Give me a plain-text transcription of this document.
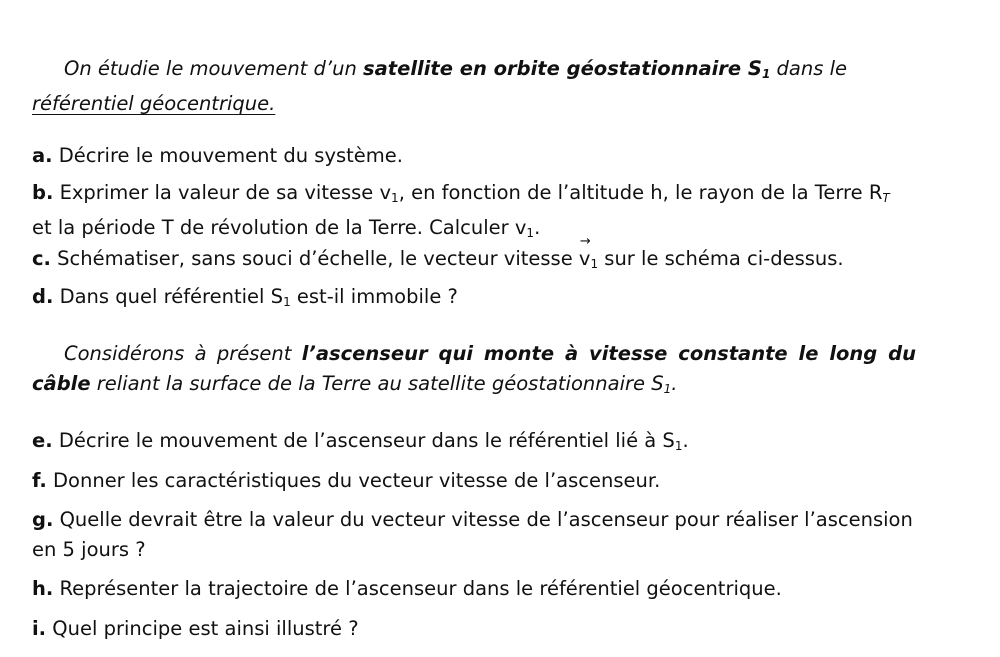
On étudie le mouvement d’un satellite en orbite géostationnaire $S_1$ dans le
référentiel géocentrique.

a. Décrire le mouvement du système.

b. Exprimer la valeur de sa vitesse $v_1$, en fonction de l’altitude h, le rayon de la Terre $R_T$
et la période T de révolution de la Terre. Calculer $v_1$.

c. Schématiser, sans souci d’échelle, le vecteur vitesse
→
$v_1$ sur le schéma ci-dessus.

d. Dans quel référentiel $S_1$ est-il immobile ?

Considérons à présent l’ascenseur qui monte à vitesse constante le long du câble reliant la surface de la Terre au satellite géostationnaire $S_1$.

e. Décrire le mouvement de l’ascenseur dans le référentiel lié à $S_1$.

f. Donner les caractéristiques du vecteur vitesse de l’ascenseur.

g. Quelle devrait être la valeur du vecteur vitesse de l’ascenseur pour réaliser l’ascension
en 5 jours ?

h. Représenter la trajectoire de l’ascenseur dans le référentiel géocentrique.

i. Quel principe est ainsi illustré ?
